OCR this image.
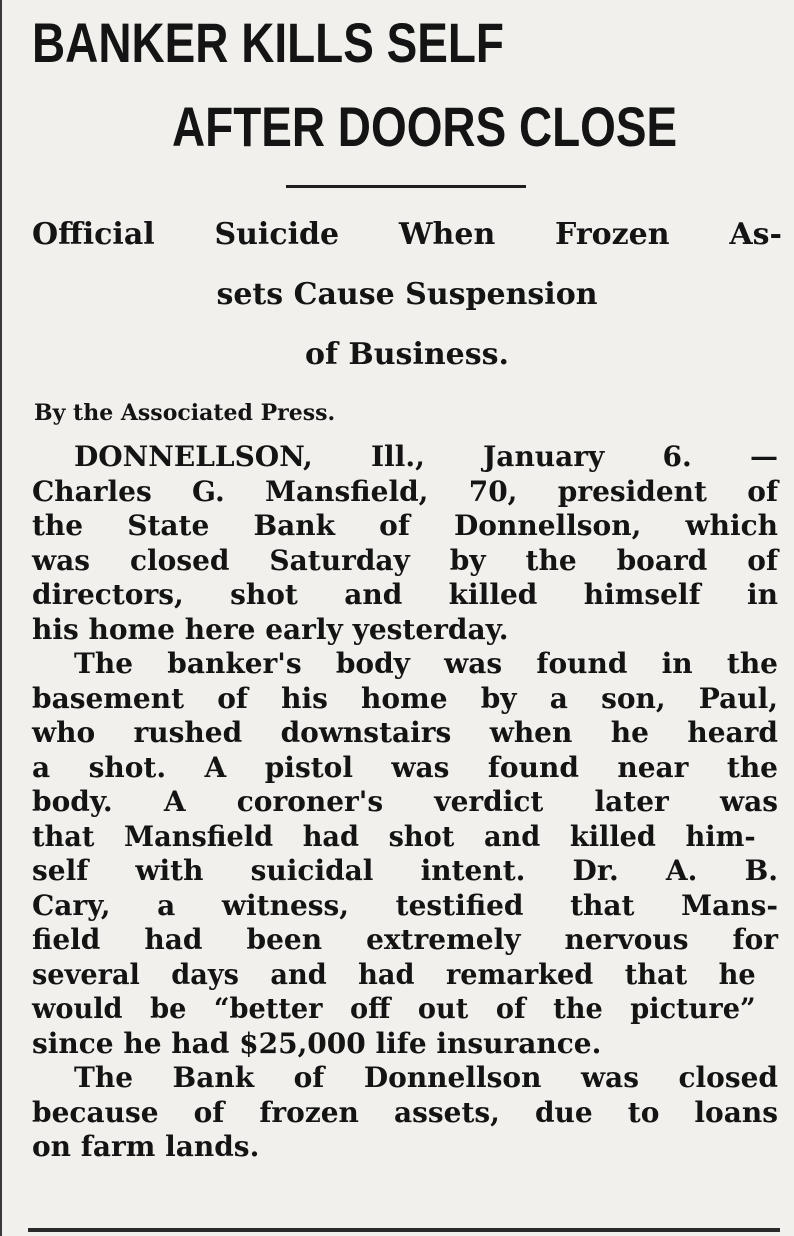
BANKER KILLS SELF
AFTER DOORS CLOSE
Official Suicide When Frozen As-
sets Cause Suspension
of Business.
By the Associated Press.
DONNELLSON, Ill., January 6. —
Charles G. Mansfield, 70, president of
the State Bank of Donnellson, which
was closed Saturday by the board of
directors, shot and killed himself in
his home here early yesterday.
The banker's body was found in the
basement of his home by a son, Paul,
who rushed downstairs when he heard
a shot. A pistol was found near the
body. A coroner's verdict later was
that Mansfield had shot and killed him-
self with suicidal intent. Dr. A. B.
Cary, a witness, testified that Mans-
field had been extremely nervous for
several days and had remarked that he
would be “better off out of the picture”
since he had $25,000 life insurance.
The Bank of Donnellson was closed
because of frozen assets, due to loans
on farm lands.
